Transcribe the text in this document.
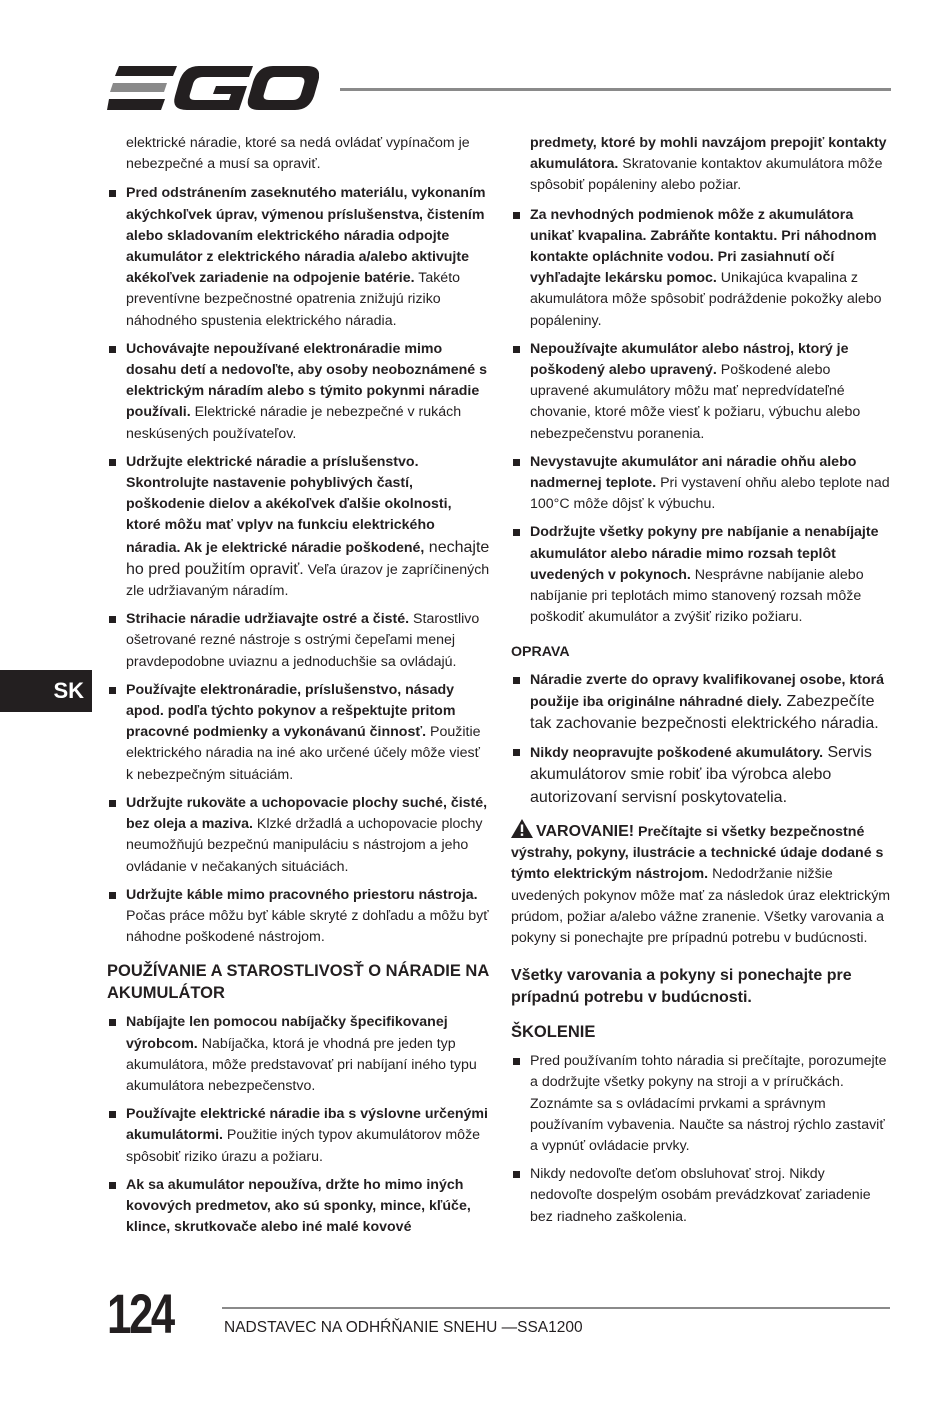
SK

elektrické náradie, ktoré sa nedá ovládať vypínačom je nebezpečné a musí sa opraviť.

Pred odstránením zaseknutého materiálu, vykonaním akýchkoľvek úprav, výmenou príslušenstva, čistením alebo skladovaním elektrického náradia odpojte akumulátor z elektrického náradia a/alebo aktivujte akékoľvek zariadenie na odpojenie batérie. Takéto preventívne bezpečnostné opatrenia znižujú riziko náhodného spustenia elektrického náradia.
Uchovávajte nepoužívané elektronáradie mimo dosahu detí a nedovoľte, aby osoby neoboznámené s elektrickým náradím alebo s týmito pokynmi náradie používali. Elektrické náradie je nebezpečné v rukách neskúsených používateľov.
Udržujte elektrické náradie a príslušenstvo. Skontrolujte nastavenie pohyblivých častí, poškodenie dielov a akékoľvek ďalšie okolnosti, ktoré môžu mať vplyv na funkciu elektrického náradia. Ak je elektrické náradie poškodené, nechajte ho pred použitím opraviť. Veľa úrazov je zapríčinených zle udržiavaným náradím.
Strihacie náradie udržiavajte ostré a čisté. Starostlivo ošetrované rezné nástroje s ostrými čepeľami menej pravdepodobne uviaznu a jednoduchšie sa ovládajú.
Používajte elektronáradie, príslušenstvo, násady apod. podľa týchto pokynov a rešpektujte pritom pracovné podmienky a vykonávanú činnosť. Použitie elektrického náradia na iné ako určené účely môže viesť k nebezpečným situáciám.
Udržujte rukoväte a uchopovacie plochy suché, čisté, bez oleja a maziva. Klzké držadlá a uchopovacie plochy neumožňujú bezpečnú manipuláciu s nástrojom a jeho ovládanie v nečakaných situáciách.
Udržujte káble mimo pracovného priestoru nástroja. Počas práce môžu byť káble skryté z dohľadu a môžu byť náhodne poškodené nástrojom.
POUŽÍVANIE A STAROSTLIVOSŤ O NÁRADIE NA AKUMULÁTOR
Nabíjajte len pomocou nabíjačky špecifikovanej výrobcom. Nabíjačka, ktorá je vhodná pre jeden typ akumulátora, môže predstavovať pri nabíjaní iného typu akumulátora nebezpečenstvo.
Používajte elektrické náradie iba s výslovne určenými akumulátormi. Použitie iných typov akumulátorov môže spôsobiť riziko úrazu a požiaru.
Ak sa akumulátor nepoužíva, držte ho mimo iných kovových predmetov, ako sú sponky, mince, kľúče, klince, skrutkovače alebo iné malé kovové

predmety, ktoré by mohli navzájom prepojiť kontakty akumulátora. Skratovanie kontaktov akumulátora môže spôsobiť popáleniny alebo požiar.

Za nevhodných podmienok môže z akumulátora unikať kvapalina. Zabráňte kontaktu. Pri náhodnom kontakte opláchnite vodou. Pri zasiahnutí očí vyhľadajte lekársku pomoc. Unikajúca kvapalina z akumulátora môže spôsobiť podráždenie pokožky alebo popáleniny.
Nepoužívajte akumulátor alebo nástroj, ktorý je poškodený alebo upravený. Poškodené alebo upravené akumulátory môžu mať nepredvídateľné chovanie, ktoré môže viesť k požiaru, výbuchu alebo nebezpečenstvu poranenia.
Nevystavujte akumulátor ani náradie ohňu alebo nadmernej teplote. Pri vystavení ohňu alebo teplote nad 100°C môže dôjsť k výbuchu.
Dodržujte všetky pokyny pre nabíjanie a nenabíjajte akumulátor alebo náradie mimo rozsah teplôt uvedených v pokynoch. Nesprávne nabíjanie alebo nabíjanie pri teplotách mimo stanovený rozsah môže poškodiť akumulátor a zvýšiť riziko požiaru.
OPRAVA
Náradie zverte do opravy kvalifikovanej osobe, ktorá použije iba originálne náhradné diely. Zabezpečíte tak zachovanie bezpečnosti elektrického náradia.
Nikdy neopravujte poškodené akumulátory. Servis akumulátorov smie robiť iba výrobca alebo autorizovaní servisní poskytovatelia.

VAROVANIE! Prečítajte si všetky bezpečnostné výstrahy, pokyny, ilustrácie a technické údaje dodané s týmto elektrickým nástrojom. Nedodržanie nižšie uvedených pokynov môže mať za následok úraz elektrickým prúdom, požiar a/alebo vážne zranenie. Všetky varovania a pokyny si ponechajte pre prípadnú potrebu v budúcnosti.

Všetky varovania a pokyny si ponechajte pre prípadnú potrebu v budúcnosti.

ŠKOLENIE
Pred používaním tohto náradia si prečítajte, porozumejte a dodržujte všetky pokyny na stroji a v príručkách. Zoznámte sa s ovládacími prvkami a správnym používaním vybavenia. Naučte sa nástroj rýchlo zastaviť a vypnúť ovládacie prvky.
Nikdy nedovoľte deťom obsluhovať stroj. Nikdy nedovoľte dospelým osobám prevádzkovať zariadenie bez riadneho zaškolenia.
124	NADSTAVEC NA ODHŔŇANIE SNEHU —SSA1200
